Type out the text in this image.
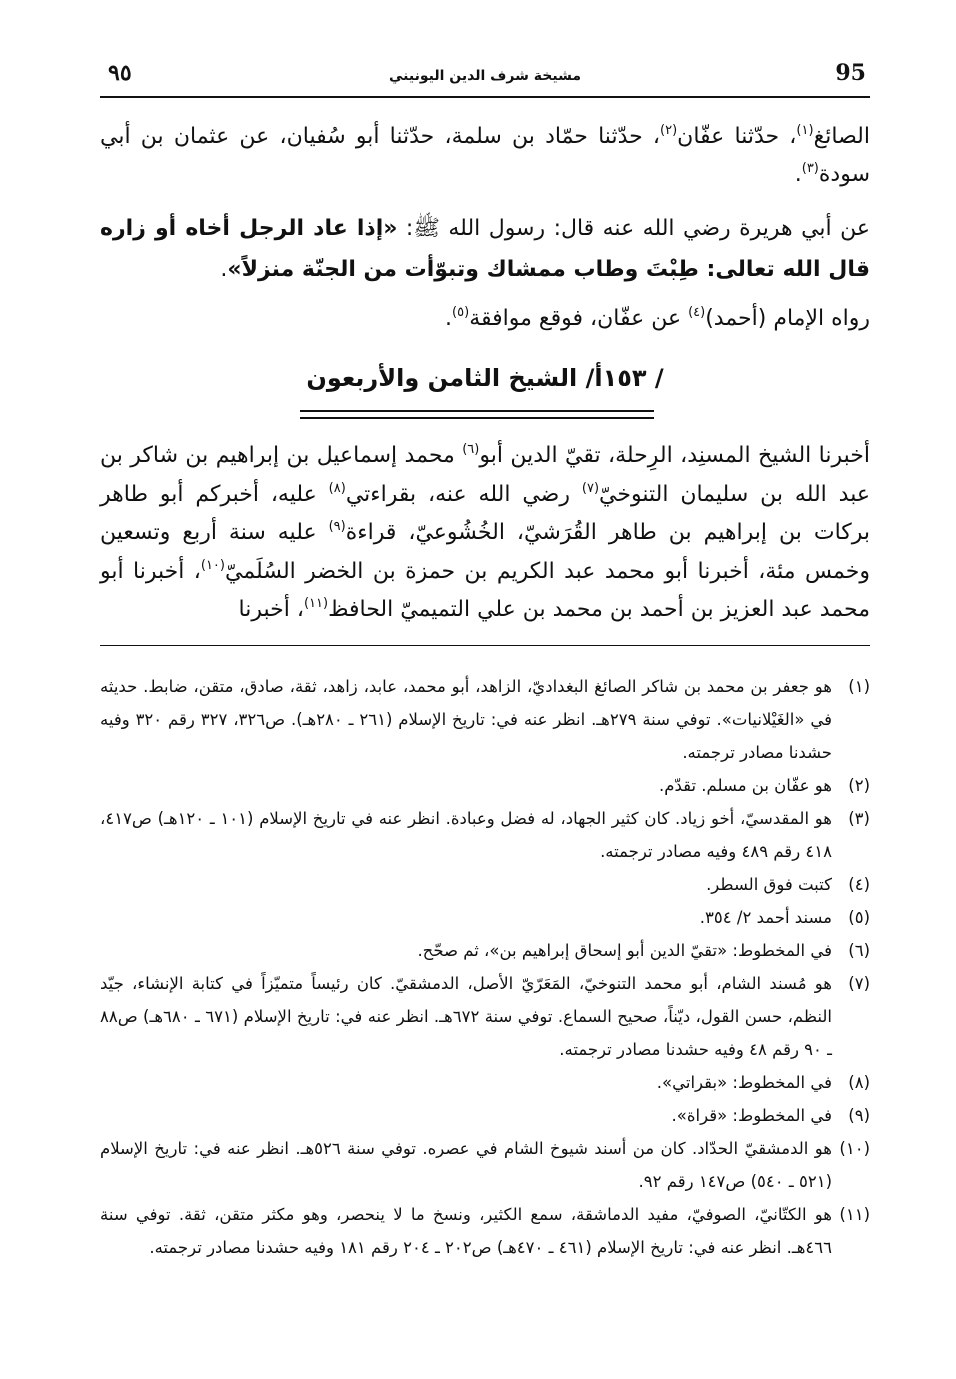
٩٥	مشيخة شرف الدين اليونيني	95
الصائغ$^{(١)}$، حدّثنا عفّان$^{(٢)}$، حدّثنا حمّاد بن سلمة، حدّثنا أبو سُفيان، عن عثمان بن أبي سودة$^{(٣)}$.
عن أبي هريرة رضي الله عنه قال: رسول الله ﷺ: «إذا عاد الرجل أخاه أو زاره قال الله تعالى: طِبْتَ وطاب ممشاك وتبوّأت من الجنّة منزلاً».
رواه الإمام (أحمد)$^{(٤)}$ عن عفّان، فوقع موافقة$^{(٥)}$.
/ ١٥٣أ/ الشيخ الثامن والأربعون
أخبرنا الشيخ المسنِد، الرِحلة، تقيّ الدين أبو$^{(٦)}$ محمد إسماعيل بن إبراهيم بن شاكر بن عبد الله بن سليمان التنوخيّ$^{(٧)}$ رضي الله عنه، بقراءتي$^{(٨)}$ عليه، أخبركم أبو طاهر بركات بن إبراهيم بن طاهر القُرَشيّ، الخُشُوعيّ، قراءة$^{(٩)}$ عليه سنة أربع وتسعين وخمس مئة، أخبرنا أبو محمد عبد الكريم بن حمزة بن الخضر السُلَميّ$^{(١٠)}$، أخبرنا أبو محمد عبد العزيز بن أحمد بن محمد بن علي التميميّ الحافظ$^{(١١)}$، أخبرنا
(١)هو جعفر بن محمد بن شاكر الصائغ البغداديّ، الزاهد، أبو محمد، عابد، زاهد، ثقة، صادق، متقن، ضابط. حديثه في «الغَيْلانيات». توفي سنة ٢٧٩هـ. انظر عنه في: تاريخ الإسلام (٢٦١ ـ ٢٨٠هـ). ص٣٢٦، ٣٢٧ رقم ٣٢٠ وفيه حشدنا مصادر ترجمته.
(٢)هو عفّان بن مسلم. تقدّم.
(٣)هو المقدسيّ، أخو زياد. كان كثير الجهاد، له فضل وعبادة. انظر عنه في تاريخ الإسلام (١٠١ ـ ١٢٠هـ) ص٤١٧، ٤١٨ رقم ٤٨٩ وفيه مصادر ترجمته.
(٤)كتبت فوق السطر.
(٥)مسند أحمد ٢/ ٣٥٤.
(٦)في المخطوط: «تقيّ الدين أبو إسحاق إبراهيم بن»، ثم صحّح.
(٧)هو مُسند الشام، أبو محمد التنوخيّ، المَعَرّيّ الأصل، الدمشقيّ. كان رئيساً متميّزاً في كتابة الإنشاء، جيّد النظم، حسن القول، ديّناً، صحيح السماع. توفي سنة ٦٧٢هـ. انظر عنه في: تاريخ الإسلام (٦٧١ ـ ٦٨٠هـ) ص٨٨ ـ ٩٠ رقم ٤٨ وفيه حشدنا مصادر ترجمته.
(٨)في المخطوط: «بقراتي».
(٩)في المخطوط: «قراة».
(١٠)هو الدمشقيّ الحدّاد. كان من أسند شيوخ الشام في عصره. توفي سنة ٥٢٦هـ. انظر عنه في: تاريخ الإسلام (٥٢١ ـ ٥٤٠) ص١٤٧ رقم ٩٢.
(١١)هو الكتّانيّ، الصوفيّ، مفيد الدماشقة، سمع الكثير، ونسخ ما لا ينحصر، وهو مكثر متقن، ثقة. توفي سنة ٤٦٦هـ. انظر عنه في: تاريخ الإسلام (٤٦١ ـ ٤٧٠هـ) ص٢٠٢ ـ ٢٠٤ رقم ١٨١ وفيه حشدنا مصادر ترجمته.
